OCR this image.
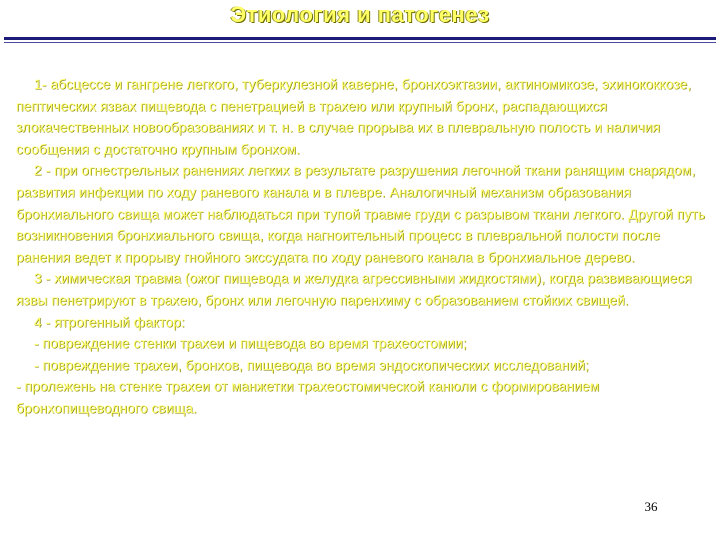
Этиология и патогенез

1- абсцессе и гангрене легкого, туберкулезной каверне, бронхоэктазии, актиномикозе, эхинококкозе, пептических язвах пищевода с пенетрацией в трахею или крупный бронх, распадающихся злокачественных новообразованиях и т. н. в случае прорыва их в плевральную полость и наличия сообщения с достаточно крупным бронхом.

2 - при огнестрельных ранениях легких в результате разрушения легочной ткани ранящим снарядом, развития инфекции по ходу раневого канала и в плевре. Аналогичный механизм образования бронхиального свища может наблюдаться при тупой травме груди с разрывом ткани легкого. Другой путь возникновения бронхиального свища, когда нагноительный процесс в плевральной полости после ранения ведет к прорыву гнойного экссудата по ходу раневого канала в бронхиальное дерево.

3 - химическая травма (ожог пищевода и желудка агрессивными жидкостями), когда развивающиеся язвы пенетрируют в трахею, бронх или легочную паренхиму с образованием стойких свищей.

4 - ятрогенный фактор:

- повреждение стенки трахеи и пищевода во время трахеостомии;

- повреждение трахеи, бронхов, пищевода во время эндоскопических исследований;

- пролежень на стенке трахеи от манжетки трахеостомической канюли с формированием бронхопищеводного свища.

36
